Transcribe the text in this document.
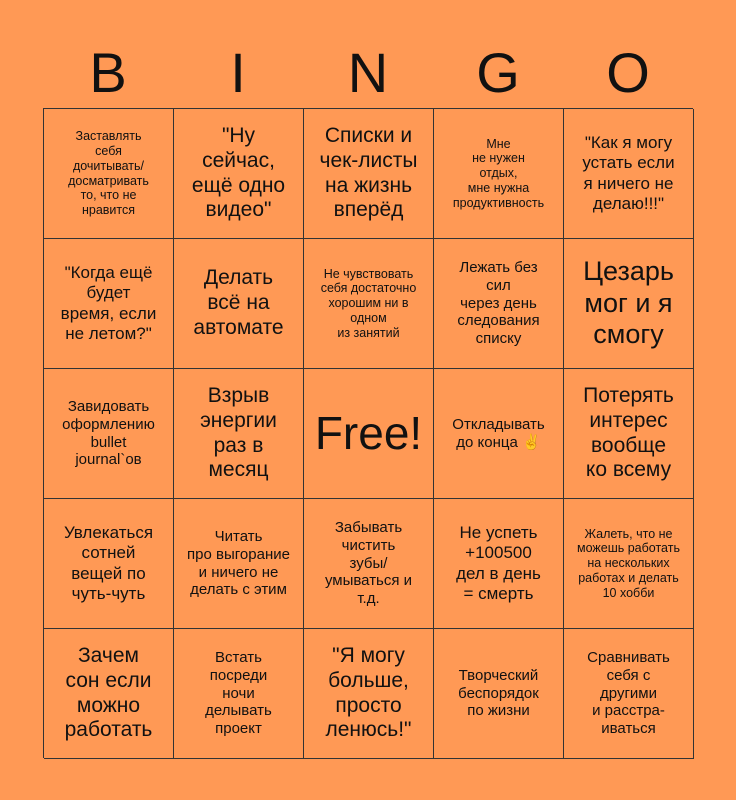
B	I	N	G	O
Заставлять
себя
дочитывать/
досматривать
то, что не
нравится
"Ну
сейчас,
ещё одно
видео"
Списки и
чек-листы
на жизнь
вперёд
Мне
не нужен
отдых,
мне нужна
продуктивность
"Как я могу
устать если
я ничего не
делаю!!!"
"Когда ещё
будет
время, если
не летом?"
Делать
всё на
автомате
Не чувствовать
себя достаточно
хорошим ни в
одном
из занятий
Лежать без
сил
через день
следования
списку
Цезарь
мог и я
смогу
Завидовать
оформлению
bullet
journal`ов
Взрыв
энергии
раз в
месяц
Free!	Откладывать
до конца ✌
Потерять
интерес
вообще
ко всему
Увлекаться
сотней
вещей по
чуть-чуть
Читать
про выгорание
и ничего не
делать с этим
Забывать
чистить
зубы/
умываться и
т.д.
Не успеть
+100500
дел в день
= смерть
Жалеть, что не
можешь работать
на нескольких
работах и делать
10 хобби
Зачем
сон если
можно
работать
Встать
посреди
ночи
делывать
проект
"Я могу
больше,
просто
ленюсь!"
Творческий
беспорядок
по жизни
Сравнивать
себя с
другими
и расстра-
иваться
